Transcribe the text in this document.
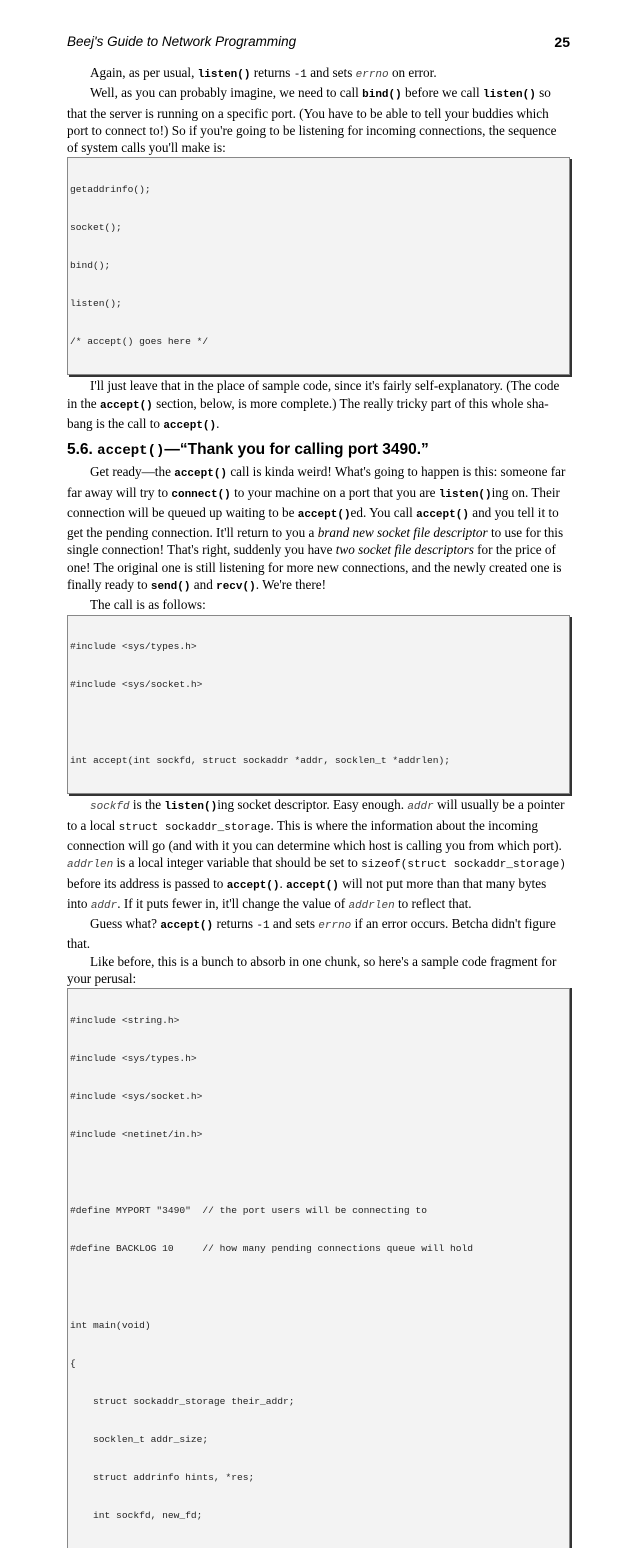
Beej's Guide to Network Programming	25

Again, as per usual, listen() returns -1 and sets errno on error.

Well, as you can probably imagine, we need to call bind() before we call listen() so that the server is running on a specific port. (You have to be able to tell your buddies which port to connect to!) So if you're going to be listening for incoming connections, the sequence of system calls you'll make is:

getaddrinfo();

socket();

bind();

listen();

/* accept() goes here */

I'll just leave that in the place of sample code, since it's fairly self-explanatory. (The code in the accept() section, below, is more complete.) The really tricky part of this whole sha-bang is the call to accept().

5.6. accept()—“Thank you for calling port 3490.”

Get ready—the accept() call is kinda weird! What's going to happen is this: someone far far away will try to connect() to your machine on a port that you are listen()ing on. Their connection will be queued up waiting to be accept()ed. You call accept() and you tell it to get the pending connection. It'll return to you a brand new socket file descriptor to use for this single connection! That's right, suddenly you have two socket file descriptors for the price of one! The original one is still listening for more new connections, and the newly created one is finally ready to send() and recv(). We're there!

The call is as follows:

#include <sys/types.h>

#include <sys/socket.h>

int accept(int sockfd, struct sockaddr *addr, socklen_t *addrlen);

sockfd is the listen()ing socket descriptor. Easy enough. addr will usually be a pointer to a local struct sockaddr_storage. This is where the information about the incoming connection will go (and with it you can determine which host is calling you from which port). addrlen is a local integer variable that should be set to sizeof(struct sockaddr_storage) before its address is passed to accept(). accept() will not put more than that many bytes into addr. If it puts fewer in, it'll change the value of addrlen to reflect that.

Guess what? accept() returns -1 and sets errno if an error occurs. Betcha didn't figure that.

Like before, this is a bunch to absorb in one chunk, so here's a sample code fragment for your perusal:

#include <string.h>

#include <sys/types.h>

#include <sys/socket.h>

#include <netinet/in.h>

#define MYPORT "3490"  // the port users will be connecting to

#define BACKLOG 10     // how many pending connections queue will hold

int main(void)

{

struct sockaddr_storage their_addr;

socklen_t addr_size;

struct addrinfo hints, *res;

int sockfd, new_fd;
